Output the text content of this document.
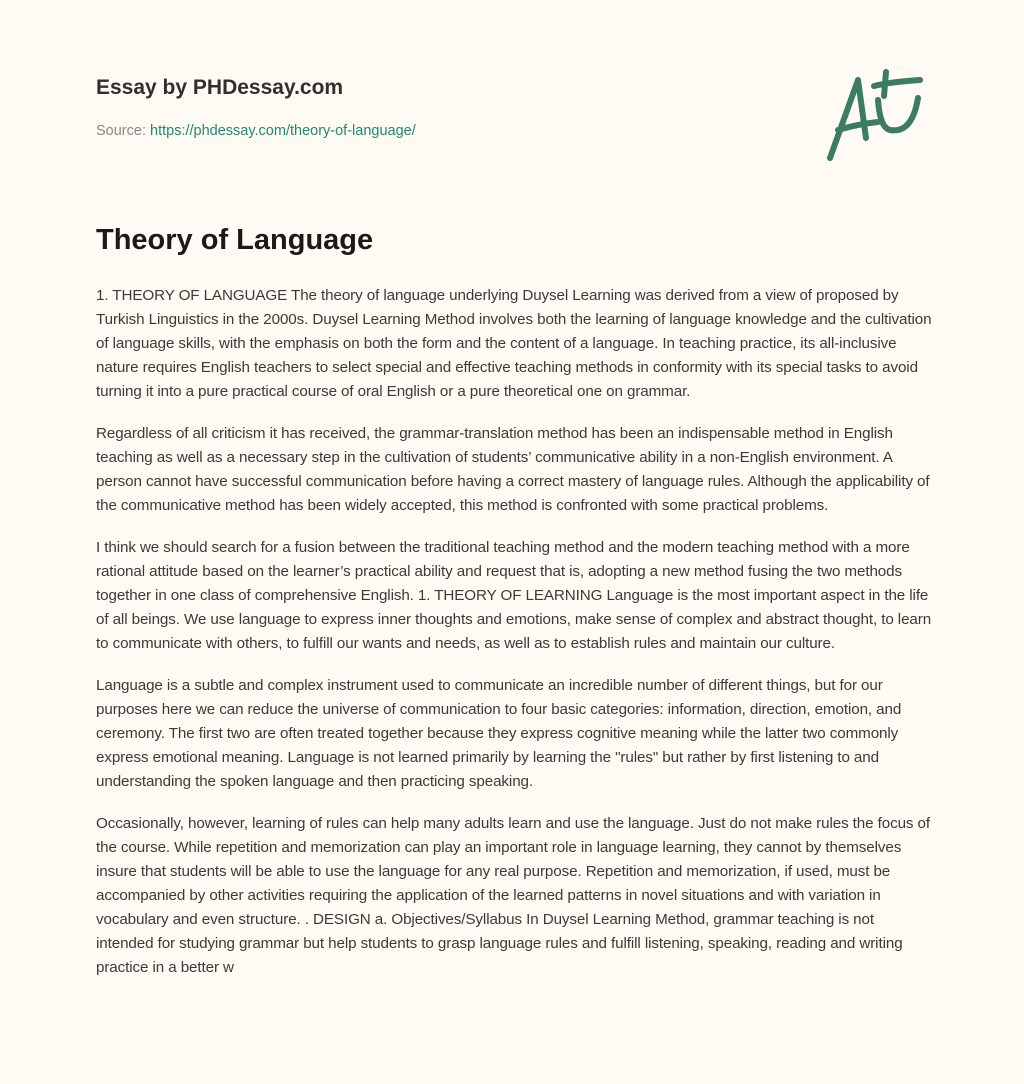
Essay by PHDessay.com
Source: https://phdessay.com/theory-of-language/
Theory of Language

1. THEORY OF LANGUAGE The theory of language underlying Duysel Learning was derived from a view of proposed by Turkish Linguistics in the 2000s. Duysel Learning Method involves both the learning of language knowledge and the cultivation of language skills, with the emphasis on both the form and the content of a language. In teaching practice, its all-inclusive nature requires English teachers to select special and effective teaching methods in conformity with its special tasks to avoid turning it into a pure practical course of oral English or a pure theoretical one on grammar.

Regardless of all criticism it has received, the grammar-translation method has been an indispensable method in English teaching as well as a necessary step in the cultivation of students’ communicative ability in a non-English environment. A person cannot have successful communication before having a correct mastery of language rules. Although the applicability of the communicative method has been widely accepted, this method is confronted with some practical problems.

I think we should search for a fusion between the traditional teaching method and the modern teaching method with a more rational attitude based on the learner’s practical ability and request that is, adopting a new method fusing the two methods together in one class of comprehensive English. 1. THEORY OF LEARNING Language is the most important aspect in the life of all beings. We use language to express inner thoughts and emotions, make sense of complex and abstract thought, to learn to communicate with others, to fulfill our wants and needs, as well as to establish rules and maintain our culture.

Language is a subtle and complex instrument used to communicate an incredible number of different things, but for our purposes here we can reduce the universe of communication to four basic categories: information, direction, emotion, and ceremony. The first two are often treated together because they express cognitive meaning while the latter two commonly express emotional meaning. Language is not learned primarily by learning the "rules" but rather by first listening to and understanding the spoken language and then practicing speaking.

Occasionally, however, learning of rules can help many adults learn and use the language. Just do not make rules the focus of the course. While repetition and memorization can play an important role in language learning, they cannot by themselves insure that students will be able to use the language for any real purpose. Repetition and memorization, if used, must be accompanied by other activities requiring the application of the learned patterns in novel situations and with variation in vocabulary and even structure. . DESIGN a. Objectives/Syllabus In Duysel Learning Method, grammar teaching is not intended for studying grammar but help students to grasp language rules and fulfill listening, speaking, reading and writing practice in a better w
